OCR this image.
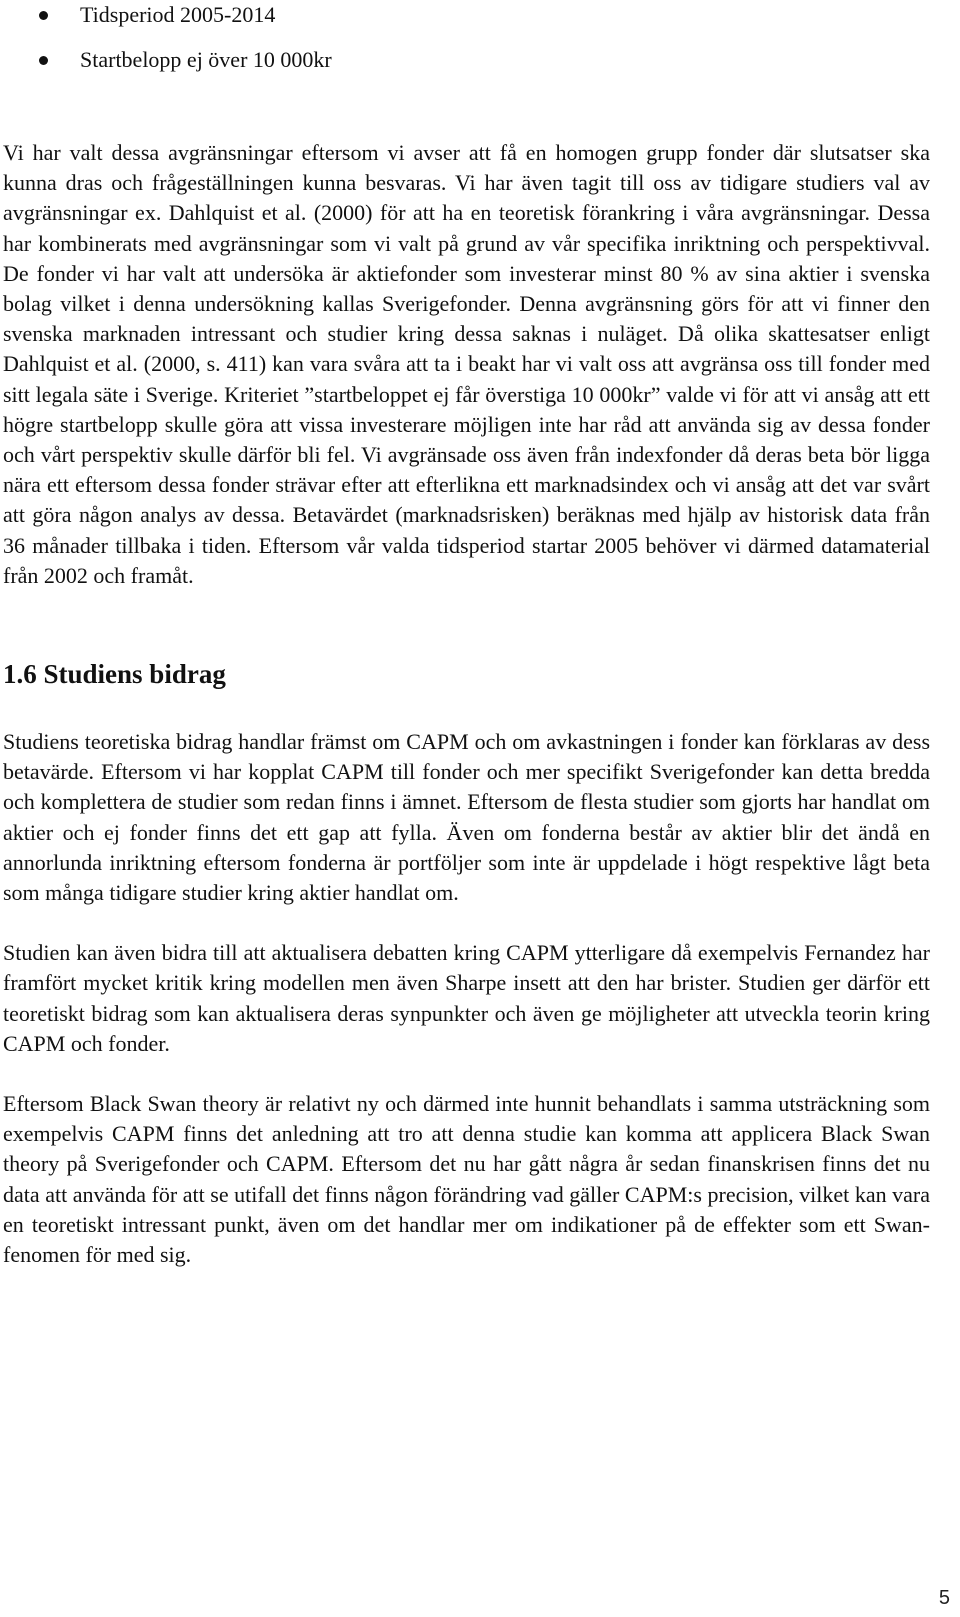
Tidsperiod 2005-2014
Startbelopp ej över 10 000kr

Vi har valt dessa avgränsningar eftersom vi avser att få en homogen grupp fonder där slutsatser ska kunna dras och frågeställningen kunna besvaras. Vi har även tagit till oss av tidigare studiers val av avgränsningar ex. Dahlquist et al. (2000) för att ha en teoretisk förankring i våra avgränsningar. Dessa har kombinerats med avgränsningar som vi valt på grund av vår specifika inriktning och perspektivval. De fonder vi har valt att undersöka är aktiefonder som investerar minst 80 % av sina aktier i svenska bolag vilket i denna undersökning kallas Sverigefonder. Denna avgränsning görs för att vi finner den svenska marknaden intressant och studier kring dessa saknas i nuläget. Då olika skattesatser enligt Dahlquist et al. (2000, s. 411) kan vara svåra att ta i beakt har vi valt oss att avgränsa oss till fonder med sitt legala säte i Sverige. Kriteriet ”startbeloppet ej får överstiga 10 000kr” valde vi för att vi ansåg att ett högre startbelopp skulle göra att vissa investerare möjligen inte har råd att använda sig av dessa fonder och vårt perspektiv skulle därför bli fel. Vi avgränsade oss även från indexfonder då deras beta bör ligga nära ett eftersom dessa fonder strävar efter att efterlikna ett marknadsindex och vi ansåg att det var svårt att göra någon analys av dessa. Betavärdet (marknadsrisken) beräknas med hjälp av historisk data från 36 månader tillbaka i tiden. Eftersom vår valda tidsperiod startar 2005 behöver vi därmed datamaterial från 2002 och framåt.

1.6 Studiens bidrag

Studiens teoretiska bidrag handlar främst om CAPM och om avkastningen i fonder kan förklaras av dess betavärde. Eftersom vi har kopplat CAPM till fonder och mer specifikt Sverigefonder kan detta bredda och komplettera de studier som redan finns i ämnet. Eftersom de flesta studier som gjorts har handlat om aktier och ej fonder finns det ett gap att fylla. Även om fonderna består av aktier blir det ändå en annorlunda inriktning eftersom fonderna är portföljer som inte är uppdelade i högt respektive lågt beta som många tidigare studier kring aktier handlat om.

Studien kan även bidra till att aktualisera debatten kring CAPM ytterligare då exempelvis Fernandez har framfört mycket kritik kring modellen men även Sharpe insett att den har brister. Studien ger därför ett teoretiskt bidrag som kan aktualisera deras synpunkter och även ge möjligheter att utveckla teorin kring CAPM och fonder.

Eftersom Black Swan theory är relativt ny och därmed inte hunnit behandlats i samma utsträckning som exempelvis CAPM finns det anledning att tro att denna studie kan komma att applicera Black Swan theory på Sverigefonder och CAPM. Eftersom det nu har gått några år sedan finanskrisen finns det nu data att använda för att se utifall det finns någon förändring vad gäller CAPM:s precision, vilket kan vara en teoretiskt intressant punkt, även om det handlar mer om indikationer på de effekter som ett Swan-fenomen för med sig.

5
